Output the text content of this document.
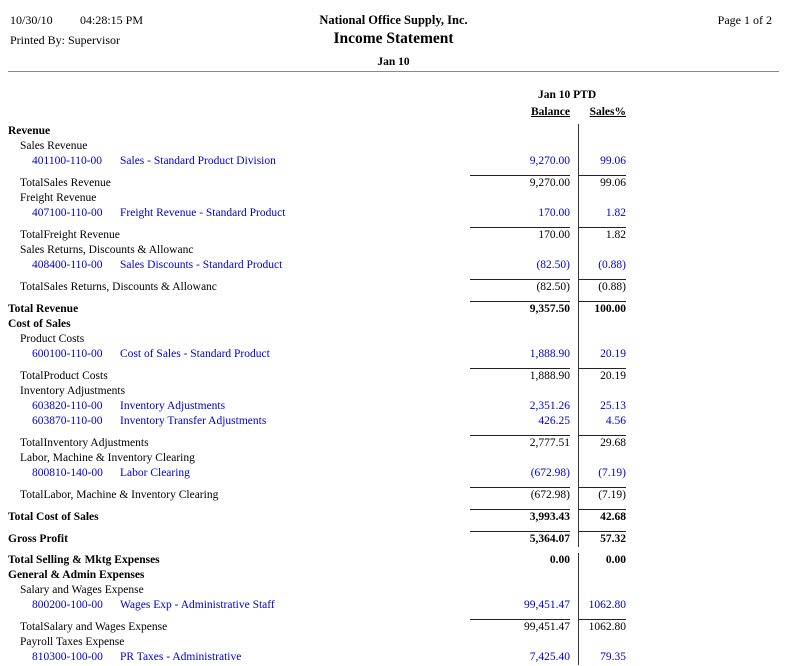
10/30/10 04:28:15 PM	National Office Supply, Inc.	Page 1 of 2
Printed By: Supervisor	Income Statement
Jan 10
Jan 10 PTD
Balance	Sales%
Revenue
Sales Revenue
401100-110-00 Sales - Standard Product Division	9,270.00	99.06
TotalSales Revenue	9,270.00	99.06
Freight Revenue
407100-110-00 Freight Revenue - Standard Product	170.00	1.82
TotalFreight Revenue	170.00	1.82
Sales Returns, Discounts & Allowanc
408400-110-00 Sales Discounts - Standard Product	(82.50)	(0.88)
TotalSales Returns, Discounts & Allowanc	(82.50)	(0.88)
Total Revenue	9,357.50	100.00
Cost of Sales
Product Costs
600100-110-00 Cost of Sales - Standard Product	1,888.90	20.19
TotalProduct Costs	1,888.90	20.19
Inventory Adjustments
603820-110-00 Inventory Adjustments	2,351.26	25.13
603870-110-00 Inventory Transfer Adjustments	426.25	4.56
TotalInventory Adjustments	2,777.51	29.68
Labor, Machine & Inventory Clearing
800810-140-00 Labor Clearing	(672.98)	(7.19)
TotalLabor, Machine & Inventory Clearing	(672.98)	(7.19)
Total Cost of Sales	3,993.43	42.68
Gross Profit	5,364.07	57.32
Total Selling & Mktg Expenses	0.00	0.00
General & Admin Expenses
Salary and Wages Expense
800200-100-00 Wages Exp - Administrative Staff	99,451.47	1062.80
TotalSalary and Wages Expense	99,451.47	1062.80
Payroll Taxes Expense
810300-100-00 PR Taxes - Administrative	7,425.40	79.35
